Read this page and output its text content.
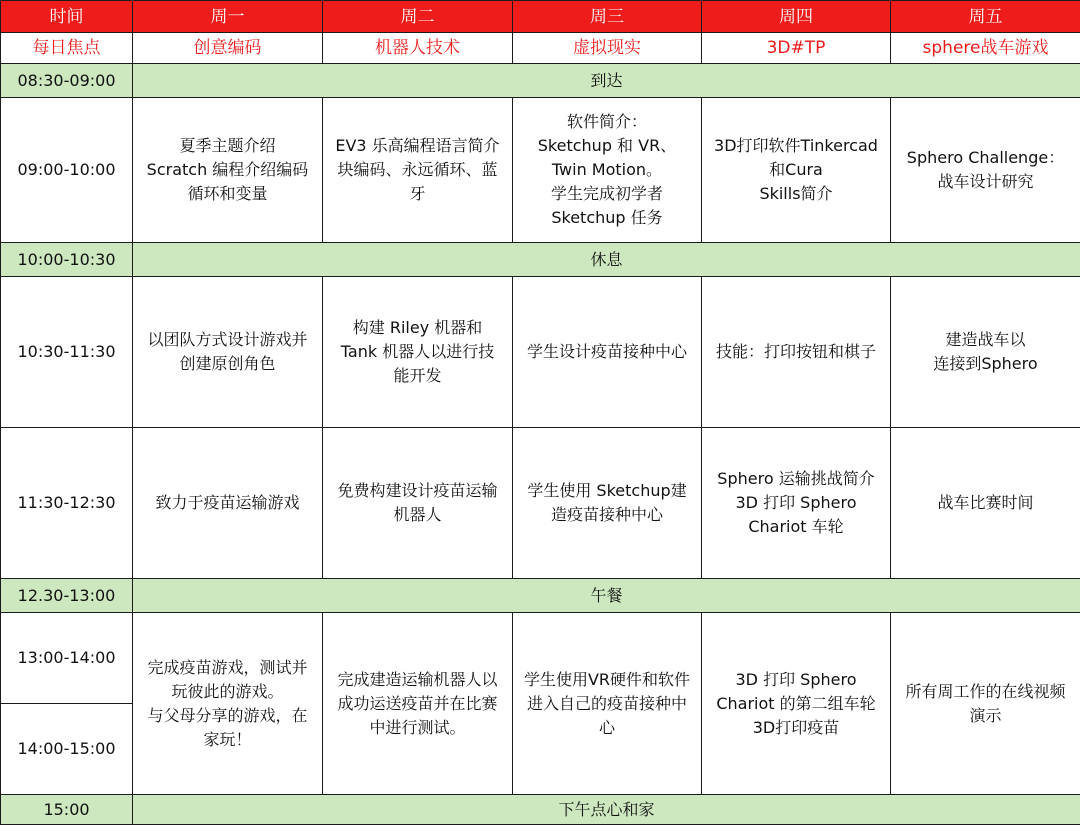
时间	周一	周二	周三	周四	周五
每日焦点	创意编码	机器人技术	虚拟现实	3D#TP	sphere战车游戏
08:30-09:00	到达				
09:00-10:00	夏季主题介绍
Scratch 编程介绍编码
循环和变量	EV3 乐高编程语言简介
块编码、永远循环、蓝
牙	软件简介：
Sketchup 和 VR、
Twin Motion。
学生完成初学者
Sketchup 任务	3D打印软件Tinkercad
和Cura
Skills简介	Sphero Challenge：
战车设计研究
10:00-10:30	休息				
10:30-11:30	以团队方式设计游戏并
创建原创角色	构建 Riley 机器和
Tank 机器人以进行技
能开发	学生设计疫苗接种中心	技能：打印按钮和棋子	建造战车以
连接到Sphero
11:30-12:30	致力于疫苗运输游戏	免费构建设计疫苗运输
机器人	学生使用 Sketchup建
造疫苗接种中心	Sphero 运输挑战简介
3D 打印 Sphero
Chariot 车轮	战车比赛时间
12.30-13:00	午餐				
13:00-14:00	完成疫苗游戏，测试并
玩彼此的游戏。
与父母分享的游戏，在
家玩！	完成建造运输机器人以
成功运送疫苗并在比赛
中进行测试。	学生使用VR硬件和软件
进入自己的疫苗接种中
心	3D 打印 Sphero
Chariot 的第二组车轮
3D打印疫苗	所有周工作的在线视频
演示
14:00-15:00					
15:00	下午点心和家				
